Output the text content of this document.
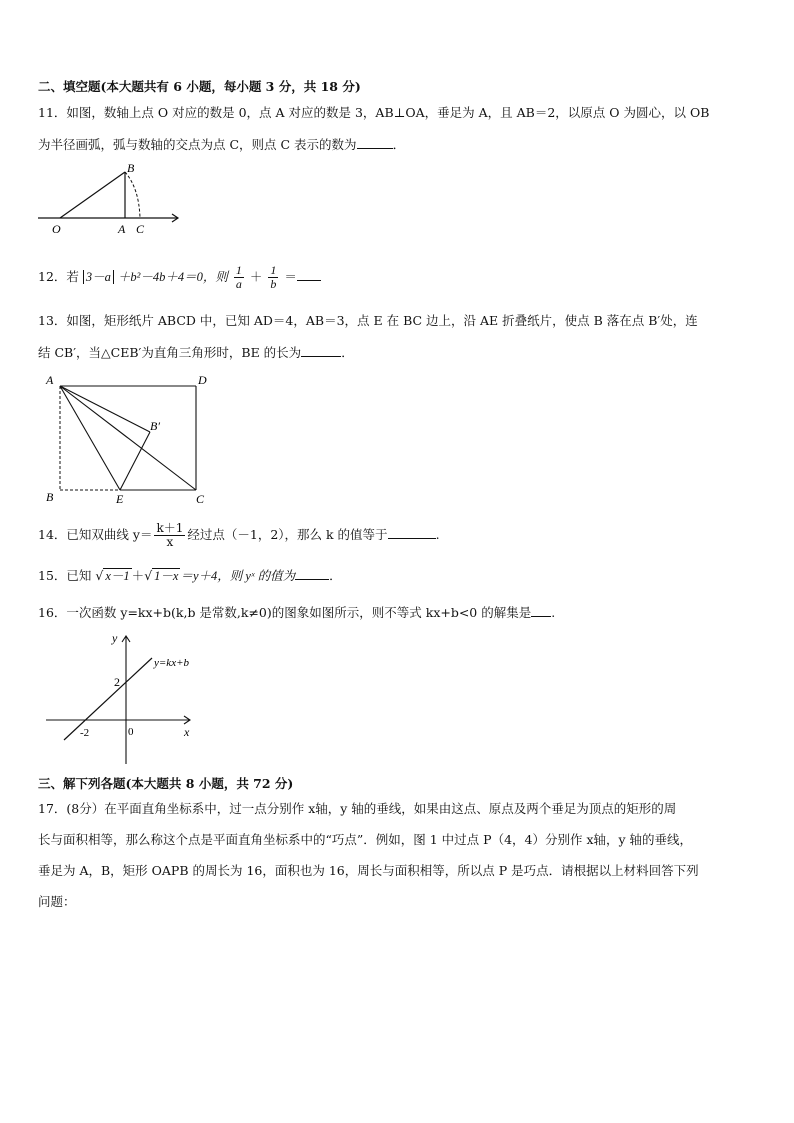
二、填空题(本大题共有 6 小题，每小题 3 分，共 18 分)
11．如图，数轴上点 O 对应的数是 0，点 A 对应的数是 3，AB⊥OA，垂足为 A，且 AB＝2，以原点 O 为圆心，以 OB
为半径画弧，弧与数轴的交点为点 C，则点 C 表示的数为	．
B
O	A C
12．若 3－a ＋b²－4b＋4＝0，则 $\frac{1}{a} + \frac{1}{b}$ ＝
13．如图，矩形纸片 ABCD 中，已知 AD＝4，AB＝3，点 E 在 BC 边上，沿 AE 折叠纸片，使点 B 落在点 B′处，连
结 CB′，当△CEB′为直角三角形时，BE 的长为	．
A	D
B	E	C
B′
14．已知双曲线 $y= \frac{k+1}{x}$ 经过点（－1，2），那么 k 的值等于	.
15．已知 √ x－1 ＋√ 1－x ＝y＋4，则 yˣ 的值为	．
16．一次函数 y=kx+b(k,b 是常数,k≠0)的图象如图所示，则不等式 kx+b<0 的解集是 .
y
x
0
2
-2
y=kx+b
三、解下列各题(本大题共 8 小题，共 72 分)
17．(8分）在平面直角坐标系中，过一点分别作 x轴，y 轴的垂线，如果由这点、原点及两个垂足为顶点的矩形的周
长与面积相等，那么称这个点是平面直角坐标系中的“巧点”．例如，图 1 中过点 P（4，4）分别作 x轴，y 轴的垂线，
垂足为 A，B，矩形 OAPB 的周长为 16，面积也为 16，周长与面积相等，所以点 P 是巧点．请根据以上材料回答下列
问题：
